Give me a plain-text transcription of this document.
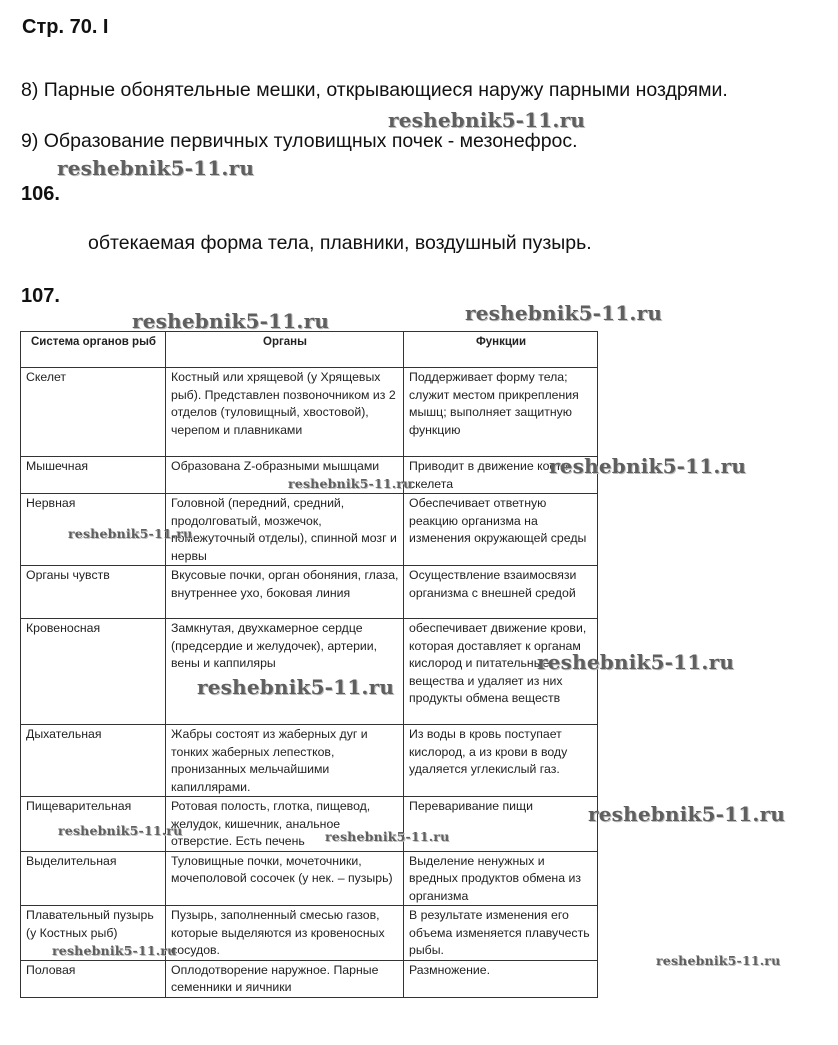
Стр. 70. I
8) Парные обонятельные мешки, открывающиеся наружу парными ноздрями.
9) Образование первичных туловищных почек - мезонефрос.
106.
обтекаемая форма тела, плавники, воздушный пузырь.
107.
Система органов рыб	Органы	Функции
Скелет	Костный или хрящевой (у Хрящевых рыб). Представлен позвоночником из 2 отделов (туловищный, хвостовой), черепом и плавниками	Поддерживает форму тела; служит местом прикрепления мышц; выполняет защитную функцию
Мышечная	Образована Z-образными мышцами	Приводит в движение кости скелета
Нервная	Головной (передний, средний, продолговатый, мозжечок, помежуточный отделы), спинной мозг и нервы	Обеспечивает ответную реакцию организма на изменения окружающей среды
Органы чувств	Вкусовые почки, орган обоняния, глаза, внутреннее ухо, боковая линия	Осуществление взаимосвязи организма с внешней средой
Кровеносная	Замкнутая, двухкамерное сердце (предсердие и желудочек), артерии, вены и каппиляры	обеспечивает движение крови, которая доставляет к органам кислород и питательные вещества и удаляет из них продукты обмена веществ
Дыхательная	Жабры состоят из жаберных дуг и тонких жаберных лепестков, пронизанных мельчайшими капиллярами.	Из воды в кровь поступает кислород, а из крови в воду удаляется углекислый газ.
Пищеварительная	Ротовая полость, глотка, пищевод, желудок, кишечник, анальное отверстие. Есть печень	Переваривание пищи
Выделительная	Туловищные почки, мочеточники, мочеполовой сосочек (у нек. – пузырь)	Выделение ненужных и вредных продуктов обмена из организма
Плавательный пузырь (у Костных рыб)	Пузырь, заполненный смесью газов, которые выделяются из кровеносных сосудов.	В результате изменения его объема изменяется плавучесть рыбы.
Половая	Оплодотворение наружное. Парные семенники и яичники	Размножение.
reshebnik5-11.ru
reshebnik5-11.ru
reshebnik5-11.ru	reshebnik5-11.ru
reshebnik5-11.ru
reshebnik5-11.ru
reshebnik5-11.ru
reshebnik5-11.ru
reshebnik5-11.ru
reshebnik5-11.ru
reshebnik5-11.ru	reshebnik5-11.ru
reshebnik5-11.ru
reshebnik5-11.ru
